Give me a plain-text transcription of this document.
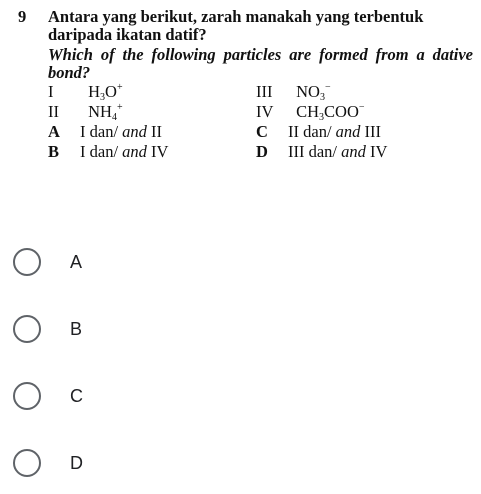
9 Antara yang berikut, zarah manakah yang terbentuk daripada ikatan datif?
Which of the following particles are formed from a dative bond?
I $H_3O^+$	III $NO_3^-$
II $NH_4^+$	IV $CH_3COO^-$
A I dan/ and II	C II dan/ and III
B I dan/ and IV	D III dan/ and IV
A
B
C
D
